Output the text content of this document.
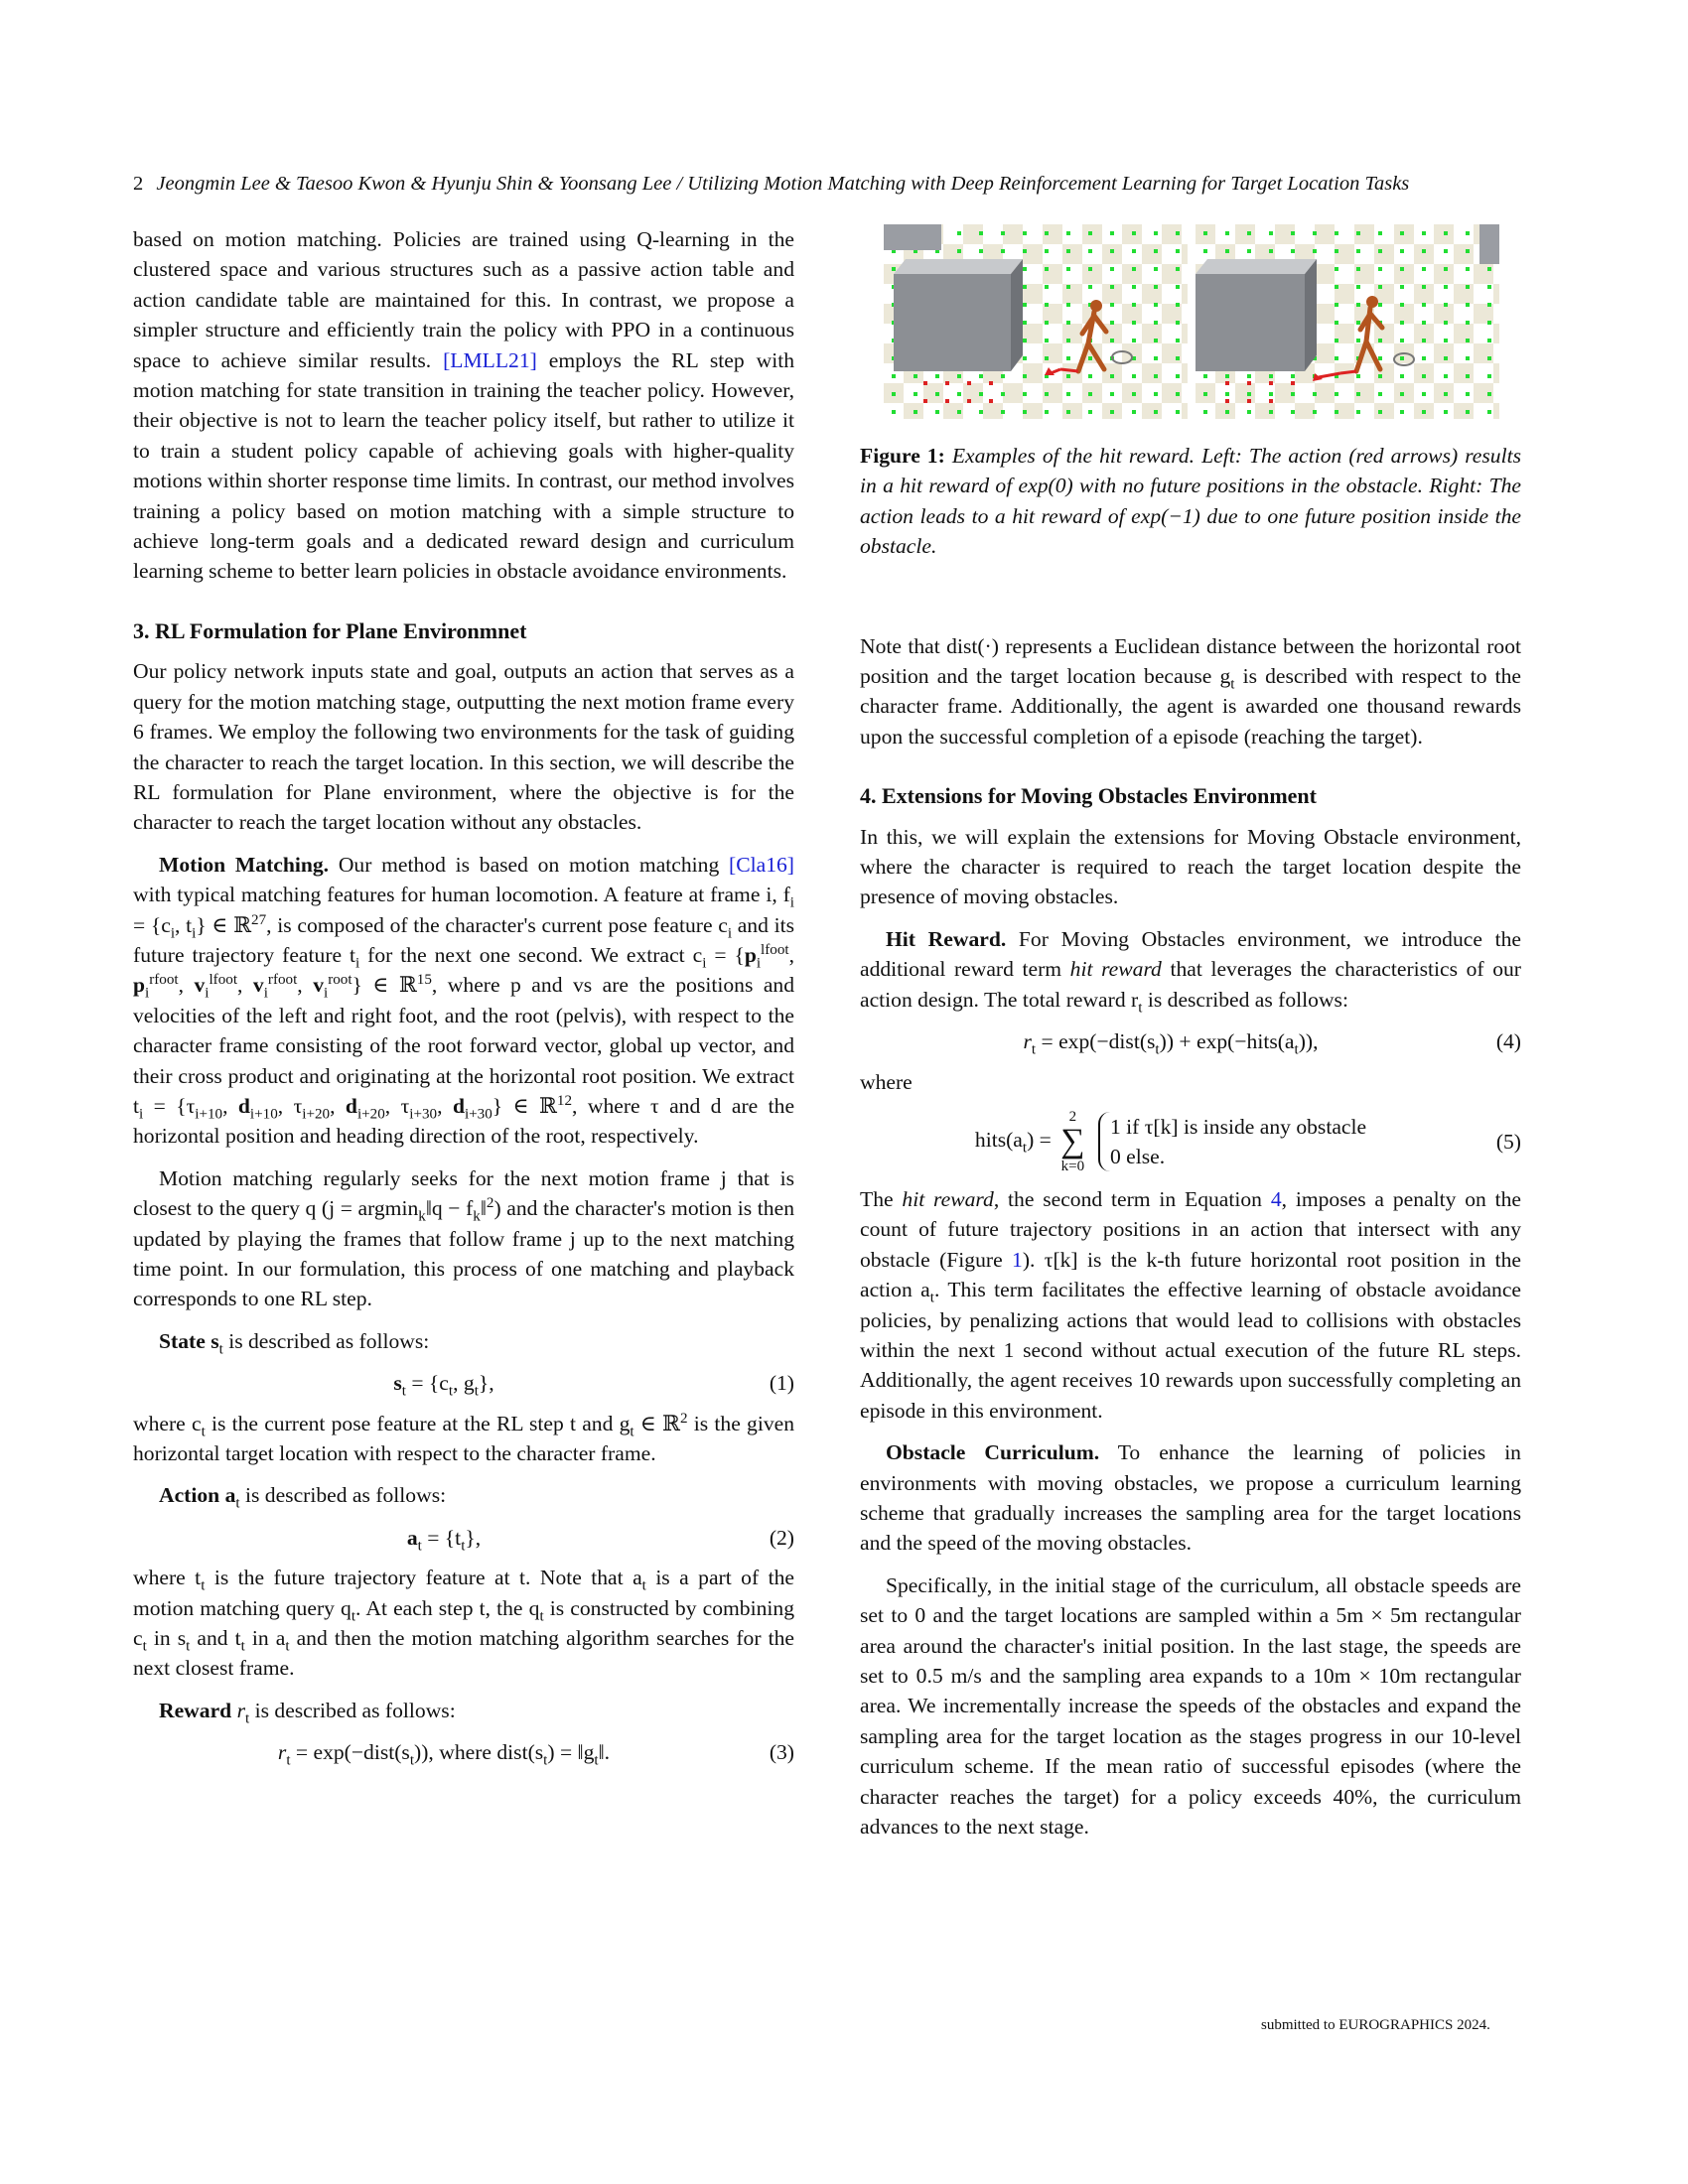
2 Jeongmin Lee & Taesoo Kwon & Hyunju Shin & Yoonsang Lee / Utilizing Motion Matching with Deep Reinforcement Learning for Target Location Tasks

based on motion matching. Policies are trained using Q-learning in the clustered space and various structures such as a passive action table and action candidate table are maintained for this. In contrast, we propose a simpler structure and efficiently train the policy with PPO in a continuous space to achieve similar results. [LMLL21] employs the RL step with motion matching for state transition in training the teacher policy. However, their objective is not to learn the teacher policy itself, but rather to utilize it to train a student policy capable of achieving goals with higher-quality motions within shorter response time limits. In contrast, our method involves training a policy based on motion matching with a simple structure to achieve long-term goals and a dedicated reward design and curriculum learning scheme to better learn policies in obstacle avoidance environments.

3. RL Formulation for Plane Environmnet

Our policy network inputs state and goal, outputs an action that serves as a query for the motion matching stage, outputting the next motion frame every 6 frames. We employ the following two environments for the task of guiding the character to reach the target location. In this section, we will describe the RL formulation for Plane environment, where the objective is for the character to reach the target location without any obstacles.

Motion Matching. Our method is based on motion matching [Cla16] with typical matching features for human locomotion. A feature at frame i, $f_i = \{c_i$, $t_i$} ∈ ℝ$^{27}$, is composed of the character's current pose feature $c_i$ and its future trajectory feature $t_i$ for the next one second. We extract $c_i = \{p_i^{lfoot}$, $p_i^{rfoot}$, $v_i^{lfoot}$, $v_i^{rfoot}$, $v_i^{root}$} ∈ ℝ$^{15}$, where p and vs are the positions and velocities of the left and right foot, and the root (pelvis), with respect to the character frame consisting of the root forward vector, global up vector, and their cross product and originating at the horizontal root position. We extract $t_i = \{\tau_{i+10}$, $d_{i+10}$, $\tau_{i+20}$, $d_{i+20}$, $\tau_{i+30}$, $d_{i+30}$} ∈ ℝ$^{12}$, where τ and d are the horizontal position and heading direction of the root, respectively.

Motion matching regularly seeks for the next motion frame j that is closest to the query q (j = argmin$_k$‖q − $f_k‖^2$) and the character's motion is then updated by playing the frames that follow frame j up to the next matching time point. In our formulation, this process of one matching and playback corresponds to one RL step.

State $s_t$ is described as follows:

$s_t = \{c_t$, $g_t$},	(1)

where $c_t$ is the current pose feature at the RL step t and $g_t$ ∈ ℝ$^2$ is the given horizontal target location with respect to the character frame.

Action $a_t$ is described as follows:

$a_t = \{t_t\}$,	(2)

where $t_t$ is the future trajectory feature at t. Note that $a_t$ is a part of the motion matching query $q_t$. At each step t, the $q_t$ is constructed by combining $c_t$ in $s_t$ and $t_t$ in $a_t$ and then the motion matching algorithm searches for the next closest frame.

Reward $r_t$ is described as follows:

$r_t$ = $\exp(-dist(s_t))$, where $dist(s_t)$ = $‖g_t‖$.	(3)

Figure 1: Examples of the hit reward. Left: The action (red arrows) results in a hit reward of exp(0) with no future positions in the obstacle. Right: The action leads to a hit reward of exp(−1) due to one future position inside the obstacle.

Note that dist(·) represents a Euclidean distance between the horizontal root position and the target location because $g_t$ is described with respect to the character frame. Additionally, the agent is awarded one thousand rewards upon the successful completion of a episode (reaching the target).

4. Extensions for Moving Obstacles Environment

In this, we will explain the extensions for Moving Obstacle environment, where the character is required to reach the target location despite the presence of moving obstacles.

Hit Reward. For Moving Obstacles environment, we introduce the additional reward term hit reward that leverages the characteristics of our action design. The total reward $r_t$ is described as follows:

$r_t$ = $\exp(-dist(s_t))$ + $\exp(-hits(a_t))$,	(4)

where

$hits(a_t)$ =
2
∑
k=0
1 if τ[k] is inside any obstacle
0 else.
(5)

The hit reward, the second term in Equation 4, imposes a penalty on the count of future trajectory positions in an action that intersect with any obstacle (Figure 1). τ[k] is the k-th future horizontal root position in the action $a_t$. This term facilitates the effective learning of obstacle avoidance policies, by penalizing actions that would lead to collisions with obstacles within the next 1 second without actual execution of the future RL steps. Additionally, the agent receives 10 rewards upon successfully completing an episode in this environment.

Obstacle Curriculum. To enhance the learning of policies in environments with moving obstacles, we propose a curriculum learning scheme that gradually increases the sampling area for the target locations and the speed of the moving obstacles.

Specifically, in the initial stage of the curriculum, all obstacle speeds are set to 0 and the target locations are sampled within a 5m × 5m rectangular area around the character's initial position. In the last stage, the speeds are set to 0.5 m/s and the sampling area expands to a 10m × 10m rectangular area. We incrementally increase the speeds of the obstacles and expand the sampling area for the target location as the stages progress in our 10-level curriculum scheme. If the mean ratio of successful episodes (where the character reaches the target) for a policy exceeds 40%, the curriculum advances to the next stage.

submitted to EUROGRAPHICS 2024.
